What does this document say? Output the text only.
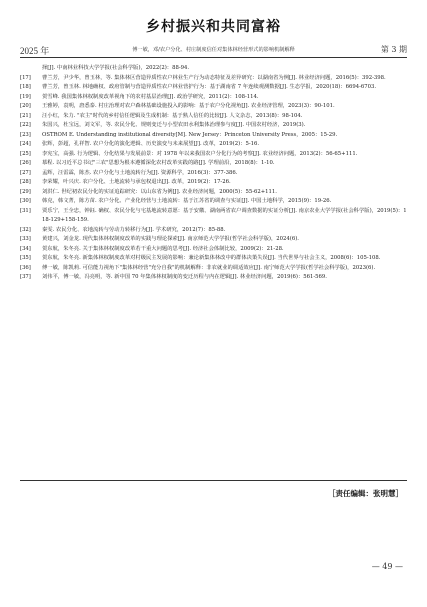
乡村振兴和共同富裕
2025 年	傅一敏，邓/农户分化、村庄制度信任对集体林经营形式的影响机制解释	第 3 期
择[J]. 中南林业科技大学学报(社会科学版)，2022(2)：88-94.
[17]	曹兰芳，尹少华，曾玉林，等. 集体林区营造异质性农户林业生产行为动态特征及差异研究：以湖南省为例[J]. 林业经济问题，2016(5)：392-398.
[18]	曹兰芳，曾玉林. 林地确权、政府管制与营造异质性农户林业营护行为：基于湖南省 7 年连续观测数据[J]. 生态学报，2020(18)：6694-6703.
[19]	贺雪峰. 我国集体林权制度改革视角下的农村基层治理[J]. 政治学研究，2011(2)：108-114.
[20]	王雅婷，袁明，唐悉泰. 村庄治理对农户森林基础设施投入的影响：基于农户分化视角[J]. 农业经济管理，2023(3)：90-101.
[21]	汪小红，朱力. "农主"时代的乡村信任逻辑及生成机制：基于熟人信任的比较[J]. 人文杂志，2013(8)：98-104.
[22]	朱国兴，杜宝远，刘文军，等. 农民分化、规则变迁与小型农田水利集体治理参与度[J]. 中国农村经济，2019(3).
[23]	OSTROM E. Understanding institutional diversity[M]. New Jersey：Princeton University Press，2005：15-29.
[24]	张辉，彭超，孔祥智. 农户分化的演化逻辑、历史演变与未来展望[J]. 改革，2019(2)：5-16.
[25]	李宪宝，高强. 行为逻辑、分化结果与发展前景：对 1978 年以来我国农户分化行为的考察[J]. 农业经济问题，2013(2)：56-65+111.
[26]	慕程. 以习近平总书记"三农"思想为根本遵循深化农村改革实践的路[J]. 学理前沿，2018(8)：1-10.
[27]	孟辉，汪雷霖，陈杰. 农户分化与土地流转行为[J]. 资源科学，2016(3)：377-386.
[28]	李荣耀，叶兴庆. 农户分化、土地流转与承包权退出[J]. 改革，2019(2)：17-26.
[29]	刘洪仁. 世纪初农民分化的实证追踪研究：以山东省为例[J]. 农业经济问题，2000(5)：55-62+111.
[30]	韩克，韩文菁，陈方苗. 农户分化、产业化经营与土地流转：基于江苏省的调查与实证[J]. 中国土地科学，2015(9)：19-26.
[31]	贾乐宁，王全忠，钟鈺. 确权、农民分化与宅基地流转意愿：基于安徽、湖南两省农户调查数据的实证分析[J]. 南京农业大学学报(社会科学版)，2019(5)：118-129+158-159.
[32]	秦雯. 农民分化、农地流转与劳动力转移行为[J]. 学术研究，2012(7)：85-88.
[33]	黄建兴，刘金龙. 现代集体林权制度改革的实践与理论探索[J]. 南京师范大学学报(哲学社会科学版)，2024(6).
[34]	贺东航，朱冬亮. 关于集体林权制度改革若干重大问题的思考[J]. 经济社会体制比较，2009(2)：21-28.
[35]	贺东航，朱冬亮. 新集体林权制度改革对村级民主发展的影响：兼论新集体林改中的群体决策失误[J]. 当代世界与社会主义，2008(6)：105-108.
[36]	傅一敏，陈凯莉. 可信能力视角下"集体林经营"充分自我"的机制解释：非农就业的调适效应[J]. 南宁师范大学学报(哲学社会科学版)，2023(6).
[37]	刘伟平，傅一敏，冯亮明，等. 新中国 70 年集体林权制度的变迁历程与内在逻辑[J]. 林业经济问题，2019(6)：561-569.
［责任编辑：张明慧］
— 49 —
